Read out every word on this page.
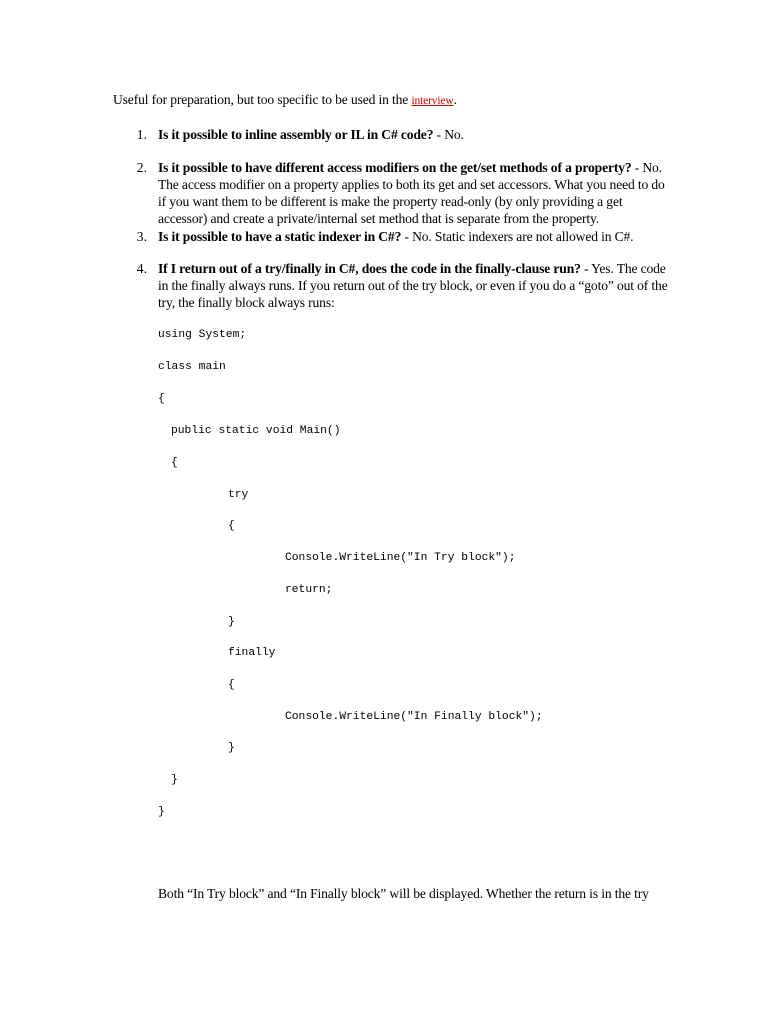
Useful for preparation, but too specific to be used in the interview.
1. Is it possible to inline assembly or IL in C# code? - No.
2. Is it possible to have different access modifiers on the get/set methods of a property? - No.
The access modifier on a property applies to both its get and set accessors. What you need to do
if you want them to be different is make the property read-only (by only providing a get
accessor) and create a private/internal set method that is separate from the property.
3. Is it possible to have a static indexer in C#? - No. Static indexers are not allowed in C#.
4. If I return out of a try/finally in C#, does the code in the finally-clause run? - Yes. The code
in the finally always runs. If you return out of the try block, or even if you do a “goto” out of the
try, the finally block always runs:
using System;
class main
{
public static void Main()
{
try
{
Console.WriteLine("In Try block");
return;
}
finally
{
Console.WriteLine("In Finally block");
}
}
}
Both “In Try block” and “In Finally block” will be displayed. Whether the return is in the try
